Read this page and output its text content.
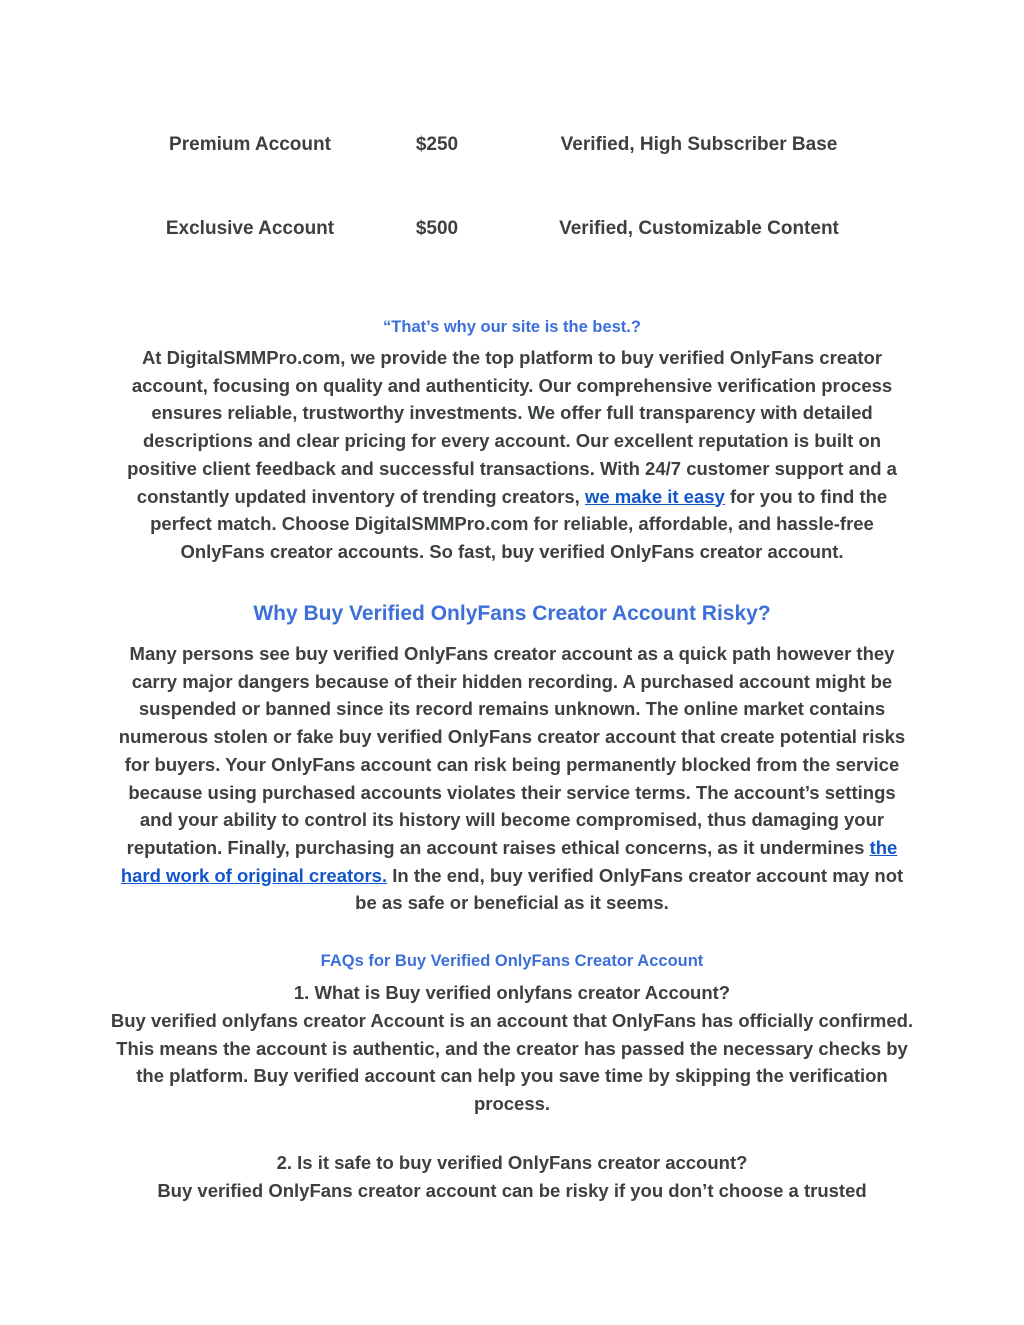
Premium Account	$250	Verified, High Subscriber Base
Exclusive Account	$500	Verified, Customizable Content
“That’s why our site is the best.?
At DigitalSMMPro.com, we provide the top platform to buy verified OnlyFans creator account, focusing on quality and authenticity. Our comprehensive verification process ensures reliable, trustworthy investments. We offer full transparency with detailed descriptions and clear pricing for every account. Our excellent reputation is built on positive client feedback and successful transactions. With 24/7 customer support and a constantly updated inventory of trending creators, we make it easy for you to find the perfect match. Choose DigitalSMMPro.com for reliable, affordable, and hassle-free OnlyFans creator accounts. So fast, buy verified OnlyFans creator account.
Why Buy Verified OnlyFans Creator Account Risky?
Many persons see buy verified OnlyFans creator account as a quick path however they carry major dangers because of their hidden recording. A purchased account might be suspended or banned since its record remains unknown. The online market contains numerous stolen or fake buy verified OnlyFans creator account that create potential risks for buyers. Your OnlyFans account can risk being permanently blocked from the service because using purchased accounts violates their service terms. The account’s settings and your ability to control its history will become compromised, thus damaging your reputation. Finally, purchasing an account raises ethical concerns, as it undermines the hard work of original creators. In the end, buy verified OnlyFans creator account may not be as safe or beneficial as it seems.
FAQs for Buy Verified OnlyFans Creator Account
1. What is Buy verified onlyfans creator Account?
Buy verified onlyfans creator Account is an account that OnlyFans has officially confirmed. This means the account is authentic, and the creator has passed the necessary checks by the platform. Buy verified account can help you save time by skipping the verification process.
2. Is it safe to buy verified OnlyFans creator account?
Buy verified OnlyFans creator account can be risky if you don’t choose a trusted
